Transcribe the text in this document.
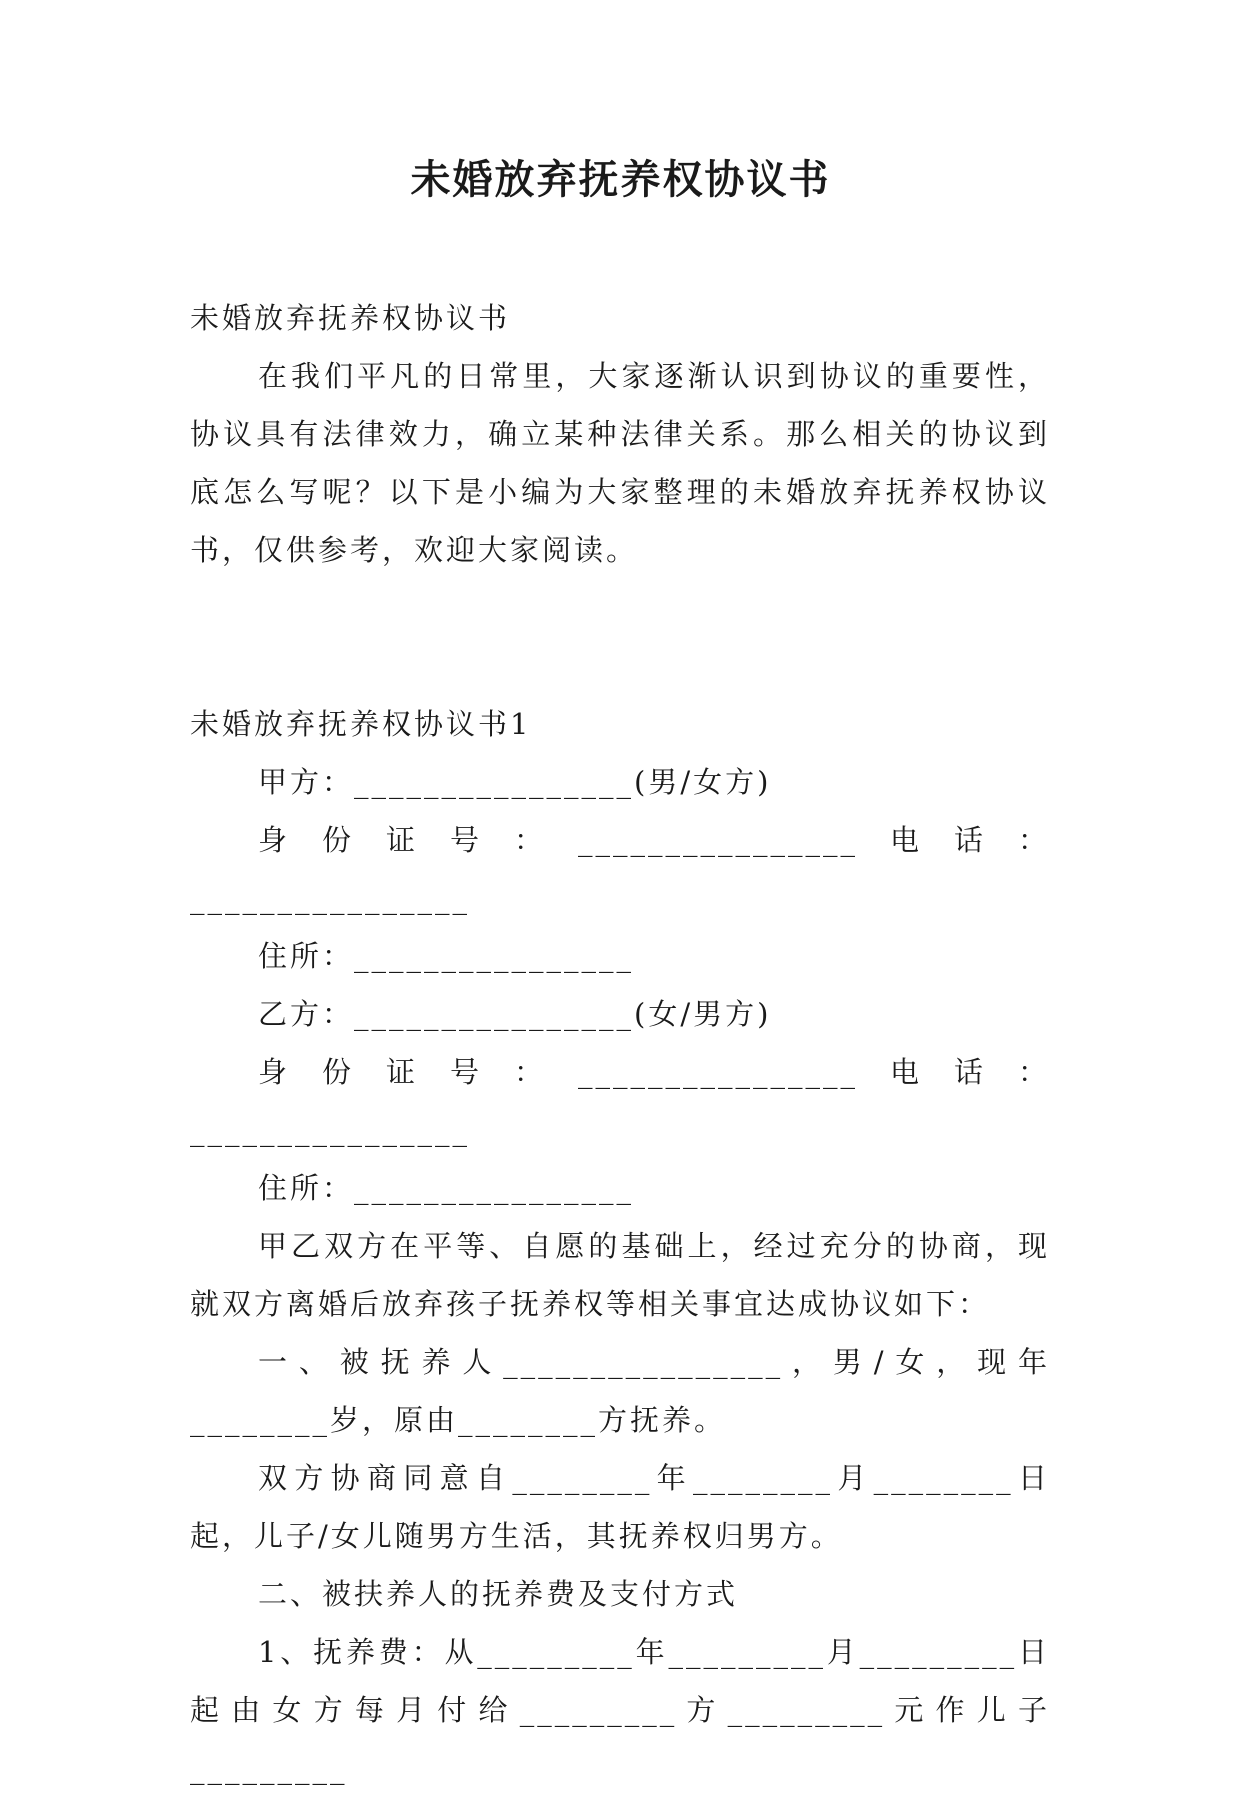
未婚放弃抚养权协议书

未婚放弃抚养权协议书

在我们平凡的日常里，大家逐渐认识到协议的重要性，协议具有法律效力，确立某种法律关系。那么相关的协议到底怎么写呢？以下是小编为大家整理的未婚放弃抚养权协议书，仅供参考，欢迎大家阅读。

未婚放弃抚养权协议书1

甲方：________________(男/女方)

身份证号：________________电话：________________

住所：________________

乙方：________________(女/男方)

身份证号：________________电话：________________

住所：________________

甲乙双方在平等、自愿的基础上，经过充分的协商，现就双方离婚后放弃孩子抚养权等相关事宜达成协议如下：

一、被抚养人________________，男/女，现年________岁，原由________方抚养。

双方协商同意自________年________月________日起，儿子/女儿随男方生活，其抚养权归男方。

二、被扶养人的抚养费及支付方式

1、抚养费：从_________年_________月_________日起由女方每月付给_________方_________元作儿子_________
